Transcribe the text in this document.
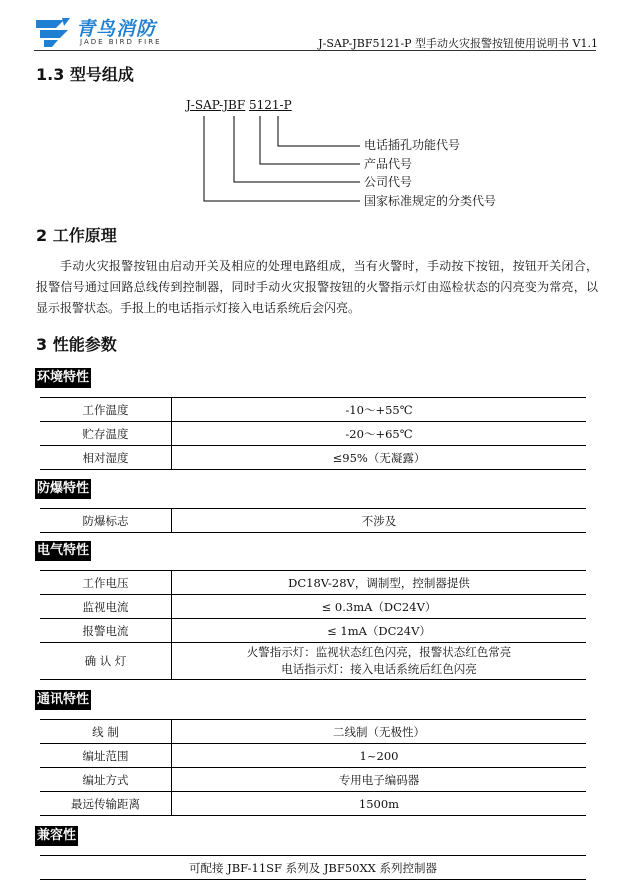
青鸟消防
JADE BIRD FIRE	J-SAP-JBF5121-P 型手动火灾报警按钮使用说明书 V1.1
1.3 型号组成
J-SAP-JBF 5121-P
电话插孔功能代号
产品代号
公司代号
国家标准规定的分类代号
2 工作原理
手动火灾报警按钮由启动开关及相应的处理电路组成，当有火警时，手动按下按钮，按钮开关闭合，报警信号通过回路总线传到控制器，同时手动火灾报警按钮的火警指示灯由巡检状态的闪亮变为常亮，以显示报警状态。手报上的电话指示灯接入电话系统后会闪亮。
3 性能参数
环境特性
工作温度	-10～+55℃
贮存温度	-20～+65℃
相对湿度	≤95%（无凝露）
防爆特性
防爆标志	不涉及
电气特性
工作电压	DC18V-28V，调制型，控制器提供
监视电流	≤ 0.3mA（DC24V）
报警电流	≤ 1mA（DC24V）
确 认 灯	火警指示灯：监视状态红色闪亮，报警状态红色常亮
电话指示灯：接入电话系统后红色闪亮
通讯特性
线 制	二线制（无极性）
编址范围	1~200
编址方式	专用电子编码器
最远传输距离	1500m
兼容性
可配接 JBF-11SF 系列及 JBF50XX 系列控制器
